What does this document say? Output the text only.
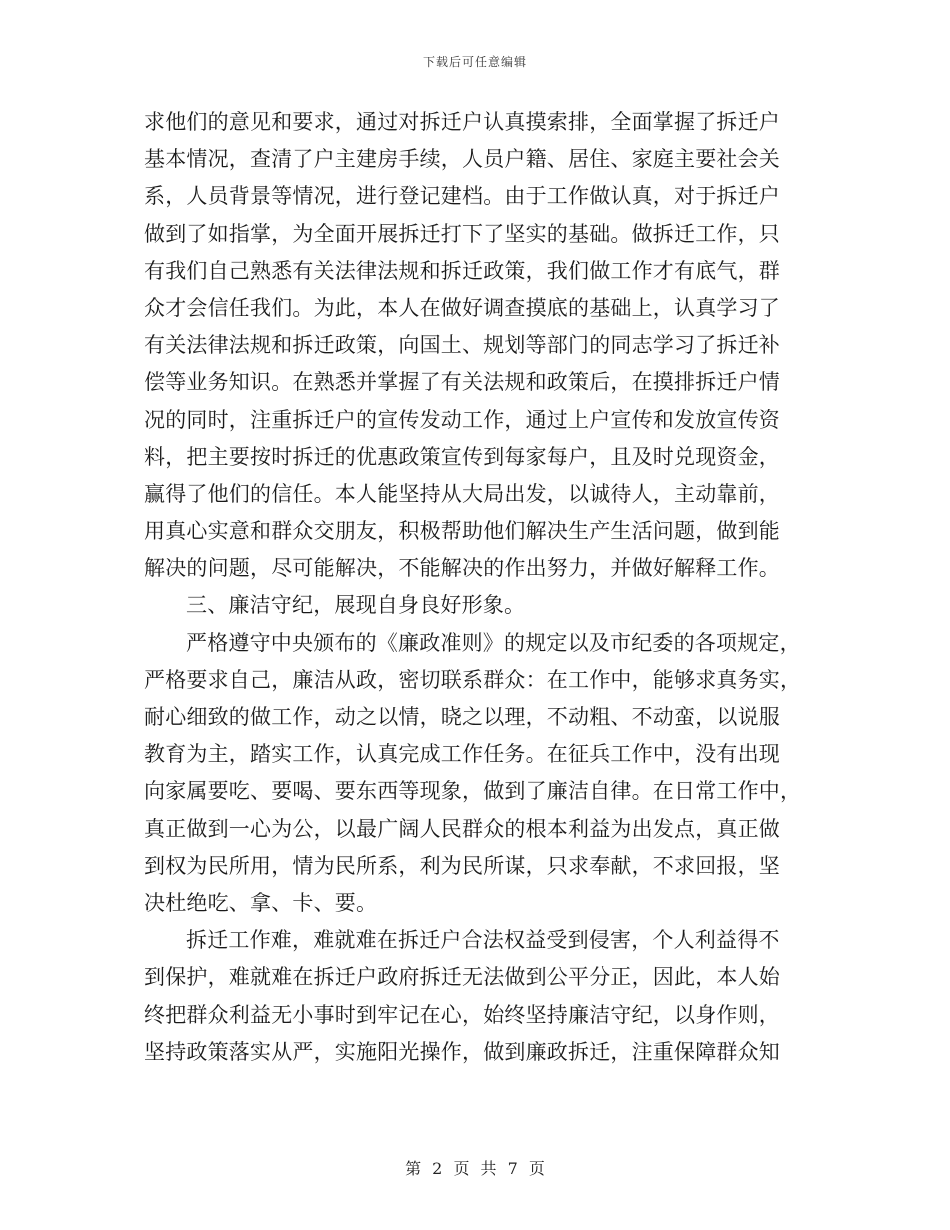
下载后可任意编辑
求他们的意见和要求，通过对拆迁户认真摸索排，全面掌握了拆迁户
基本情况，查清了户主建房手续，人员户籍、居住、家庭主要社会关
系，人员背景等情况，进行登记建档。由于工作做认真，对于拆迁户
做到了如指掌，为全面开展拆迁打下了坚实的基础。做拆迁工作，只
有我们自己熟悉有关法律法规和拆迁政策，我们做工作才有底气，群
众才会信任我们。为此，本人在做好调查摸底的基础上，认真学习了
有关法律法规和拆迁政策，向国土、规划等部门的同志学习了拆迁补
偿等业务知识。在熟悉并掌握了有关法规和政策后，在摸排拆迁户情
况的同时，注重拆迁户的宣传发动工作，通过上户宣传和发放宣传资
料，把主要按时拆迁的优惠政策宣传到每家每户，且及时兑现资金，
赢得了他们的信任。本人能坚持从大局出发，以诚待人，主动靠前，
用真心实意和群众交朋友，积极帮助他们解决生产生活问题，做到能
解决的问题，尽可能解决，不能解决的作出努力，并做好解释工作。
三、廉洁守纪，展现自身良好形象。
严格遵守中央颁布的《廉政准则》的规定以及市纪委的各项规定，
严格要求自己，廉洁从政，密切联系群众：在工作中，能够求真务实，
耐心细致的做工作，动之以情，晓之以理，不动粗、不动蛮，以说服
教育为主，踏实工作，认真完成工作任务。在征兵工作中，没有出现
向家属要吃、要喝、要东西等现象，做到了廉洁自律。在日常工作中，
真正做到一心为公，以最广阔人民群众的根本利益为出发点，真正做
到权为民所用，情为民所系，利为民所谋，只求奉献，不求回报，坚
决杜绝吃、拿、卡、要。
拆迁工作难，难就难在拆迁户合法权益受到侵害，个人利益得不
到保护，难就难在拆迁户政府拆迁无法做到公平分正，因此，本人始
终把群众利益无小事时到牢记在心，始终坚持廉洁守纪，以身作则，
坚持政策落实从严，实施阳光操作，做到廉政拆迁，注重保障群众知
第 2 页 共 7 页
